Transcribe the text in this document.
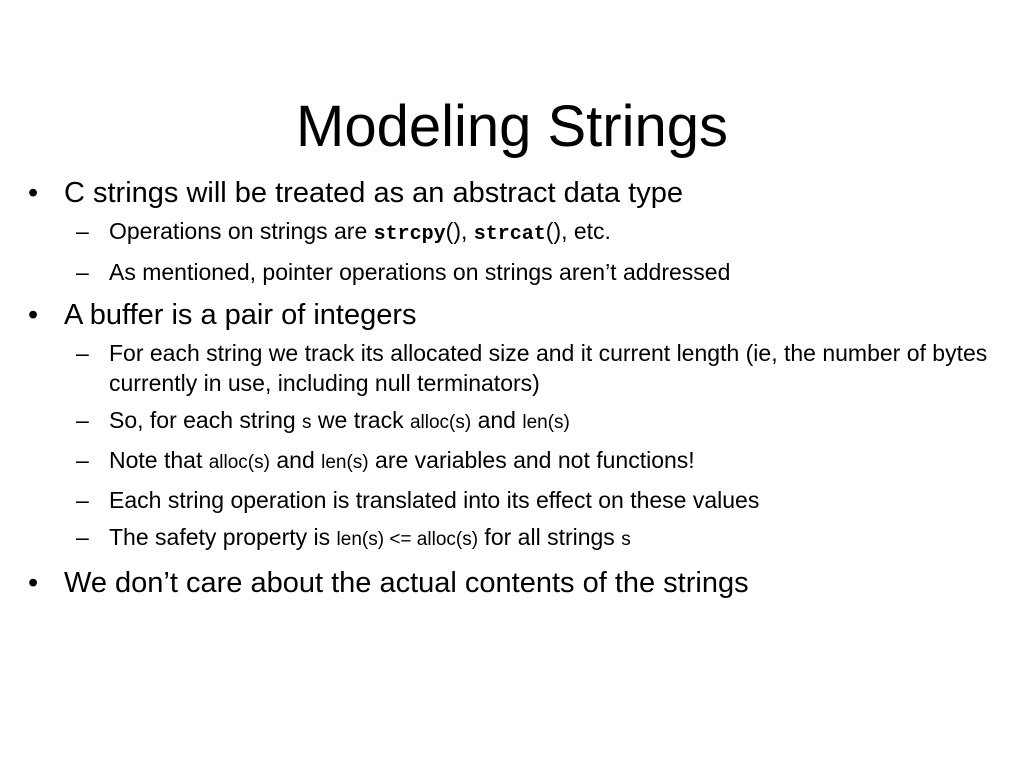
Modeling Strings
• C strings will be treated as an abstract data type
– Operations on strings are strcpy(), strcat(), etc.
– As mentioned, pointer operations on strings aren’t addressed
• A buffer is a pair of integers
– For each string we track its allocated size and it current length (ie, the number of bytes currently in use, including null terminators)
– So, for each string s we track alloc(s) and len(s)
– Note that alloc(s) and len(s) are variables and not functions!
– Each string operation is translated into its effect on these values
– The safety property is len(s) <= alloc(s) for all strings s
• We don’t care about the actual contents of the strings
